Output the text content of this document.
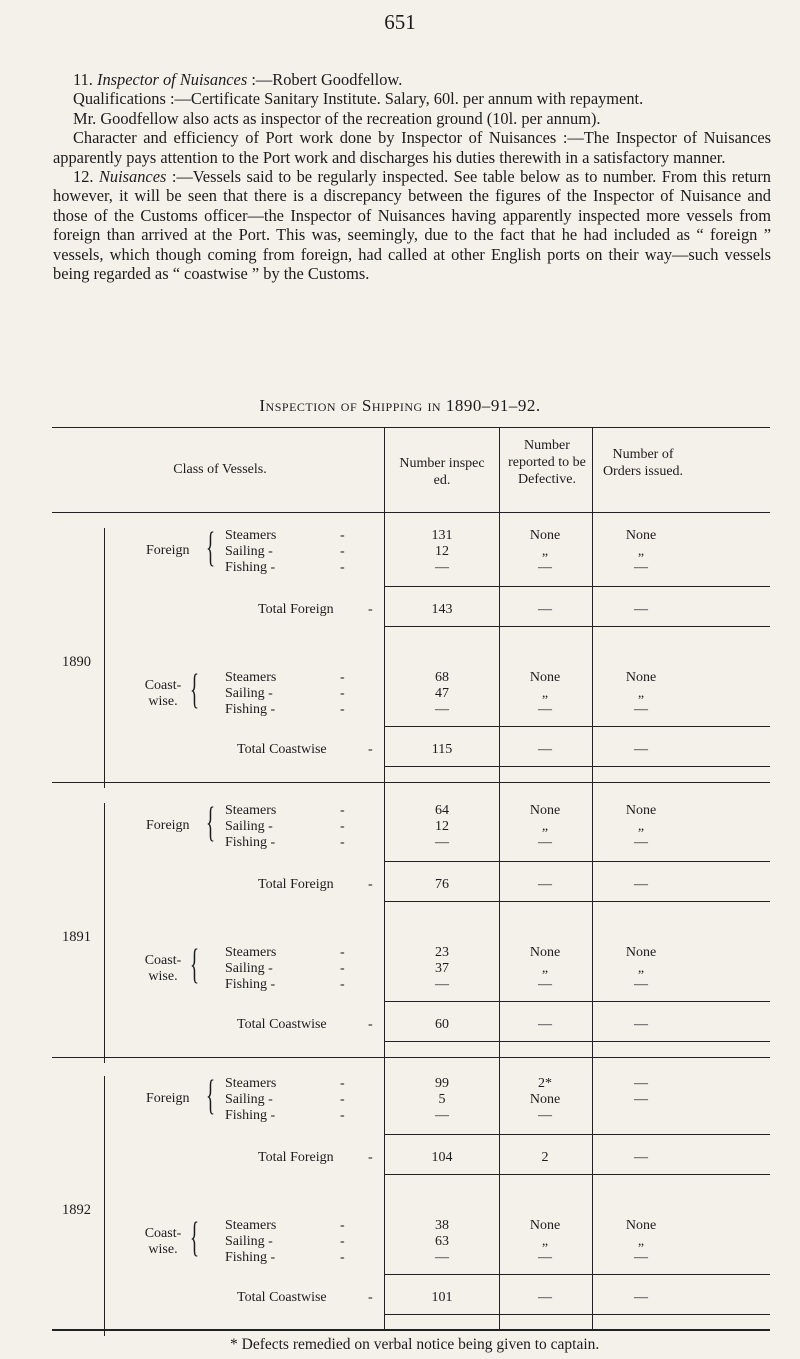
651

11. Inspector of Nuisances :—Robert Goodfellow.

Qualifications :—Certificate Sanitary Institute. Salary, 60l. per annum with repayment.

Mr. Goodfellow also acts as inspector of the recreation ground (10l. per annum).

Character and efficiency of Port work done by Inspector of Nuisances :—The Inspector of Nuisances apparently pays attention to the Port work and discharges his duties therewith in a satisfactory manner.

12. Nuisances :—Vessels said to be regularly inspected. See table below as to number. From this return however, it will be seen that there is a discrepancy between the figures of the Inspector of Nuisance and those of the Customs officer—the Inspector of Nuisances having apparently inspected more vessels from foreign than arrived at the Port. This was, seemingly, due to the fact that he had included as “ foreign ” vessels, which though coming from foreign, had called at other English ports on their way—such vessels being regarded as “ coastwise ” by the Customs.

Inspection of Shipping in 1890–91–92.
Class of Vessels.	Number inspec ed.
Number reported to be Defective.
Number of Orders issued.
1890
Foreign { Steamers	-	131	None	None
Sailing -	-	12	„	„
Fishing -	-	—	—	—
Total Foreign -	143	—	—
Coast- wise. { Steamers	-	68	None	None
Sailing -	-	47	„	„
Fishing -	-	—	—	—
Total Coastwise	-	115	—	—
1891
Foreign { Steamers	-	64	None	None
Sailing -	-	12	„	„
Fishing -	-	—	—	—
Total Foreign -	76	—	—
Coast- wise. { Steamers	-	23	None	None
Sailing -	-	37	„	„
Fishing -	-	—	—	—
Total Coastwise	-	60	—	—
1892
Foreign { Steamers	-	99	2*	—
Sailing -	-	5	None	—
Fishing -	-	—	—
Total Foreign -	104	2	—
Coast- wise. { Steamers	-	38	None	None
Sailing -	-	63	„	„
Fishing -	-	—	—	—
Total Coastwise	-	101	—	—
* Defects remedied on verbal notice being given to captain.
